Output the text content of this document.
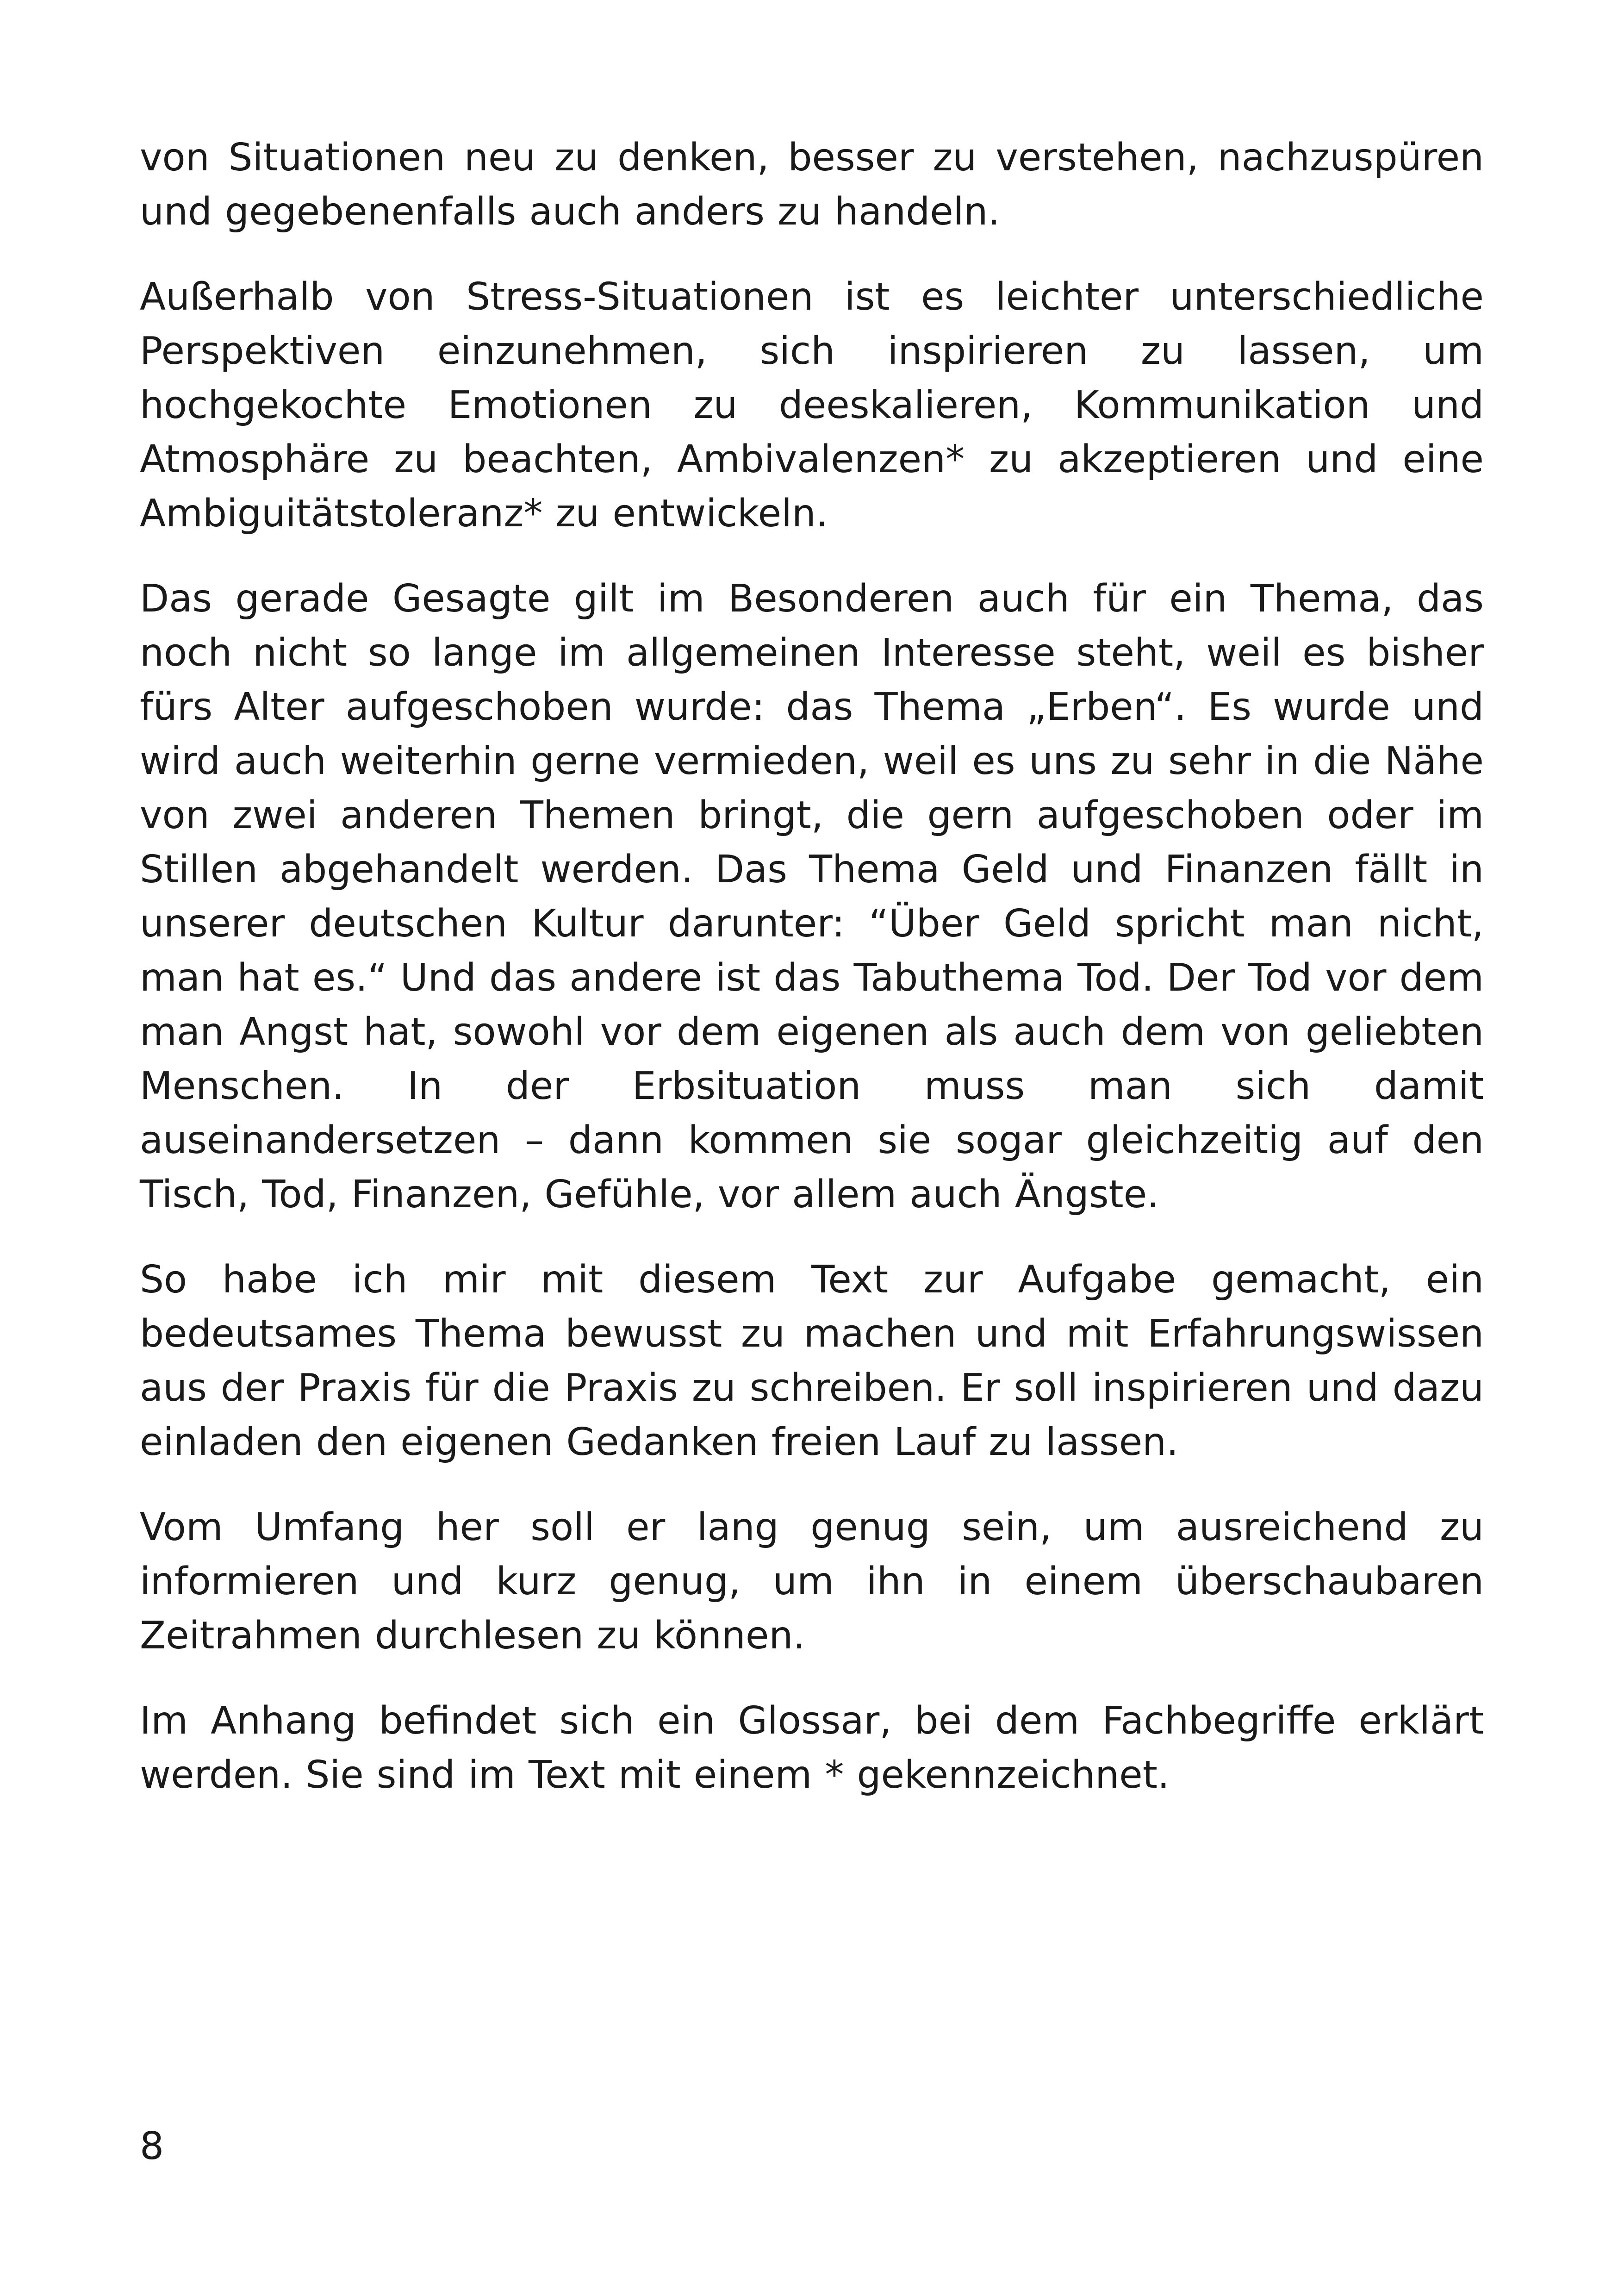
von Situationen neu zu denken, besser zu verstehen, nachzuspüren und gegebenenfalls auch anders zu handeln.

Außerhalb von Stress-Situationen ist es leichter unterschiedliche Perspektiven einzunehmen, sich inspirieren zu lassen, um hochgekochte Emotionen zu deeskalieren, Kommunikation und Atmosphäre zu beachten, Ambivalenzen* zu akzeptieren und eine Ambiguitätstoleranz* zu entwickeln.

Das gerade Gesagte gilt im Besonderen auch für ein Thema, das noch nicht so lange im allgemeinen Interesse steht, weil es bisher fürs Alter aufgeschoben wurde: das Thema „Erben“. Es wurde und wird auch weiterhin gerne vermieden, weil es uns zu sehr in die Nähe von zwei anderen Themen bringt, die gern aufgeschoben oder im Stillen abgehandelt werden. Das Thema Geld und Finanzen fällt in unserer deutschen Kultur darunter: “Über Geld spricht man nicht, man hat es.“ Und das andere ist das Tabuthema Tod. Der Tod vor dem man Angst hat, sowohl vor dem eigenen als auch dem von geliebten Menschen. In der Erbsituation muss man sich damit auseinandersetzen – dann kommen sie sogar gleichzeitig auf den Tisch, Tod, Finanzen, Gefühle, vor allem auch Ängste.

So habe ich mir mit diesem Text zur Aufgabe gemacht, ein bedeutsames Thema bewusst zu machen und mit Erfahrungswissen aus der Praxis für die Praxis zu schreiben. Er soll inspirieren und dazu einladen den eigenen Gedanken freien Lauf zu lassen.

Vom Umfang her soll er lang genug sein, um ausreichend zu informieren und kurz genug, um ihn in einem überschaubaren Zeitrahmen durchlesen zu können.

Im Anhang befindet sich ein Glossar, bei dem Fachbegriffe erklärt werden. Sie sind im Text mit einem * gekennzeichnet.

8
